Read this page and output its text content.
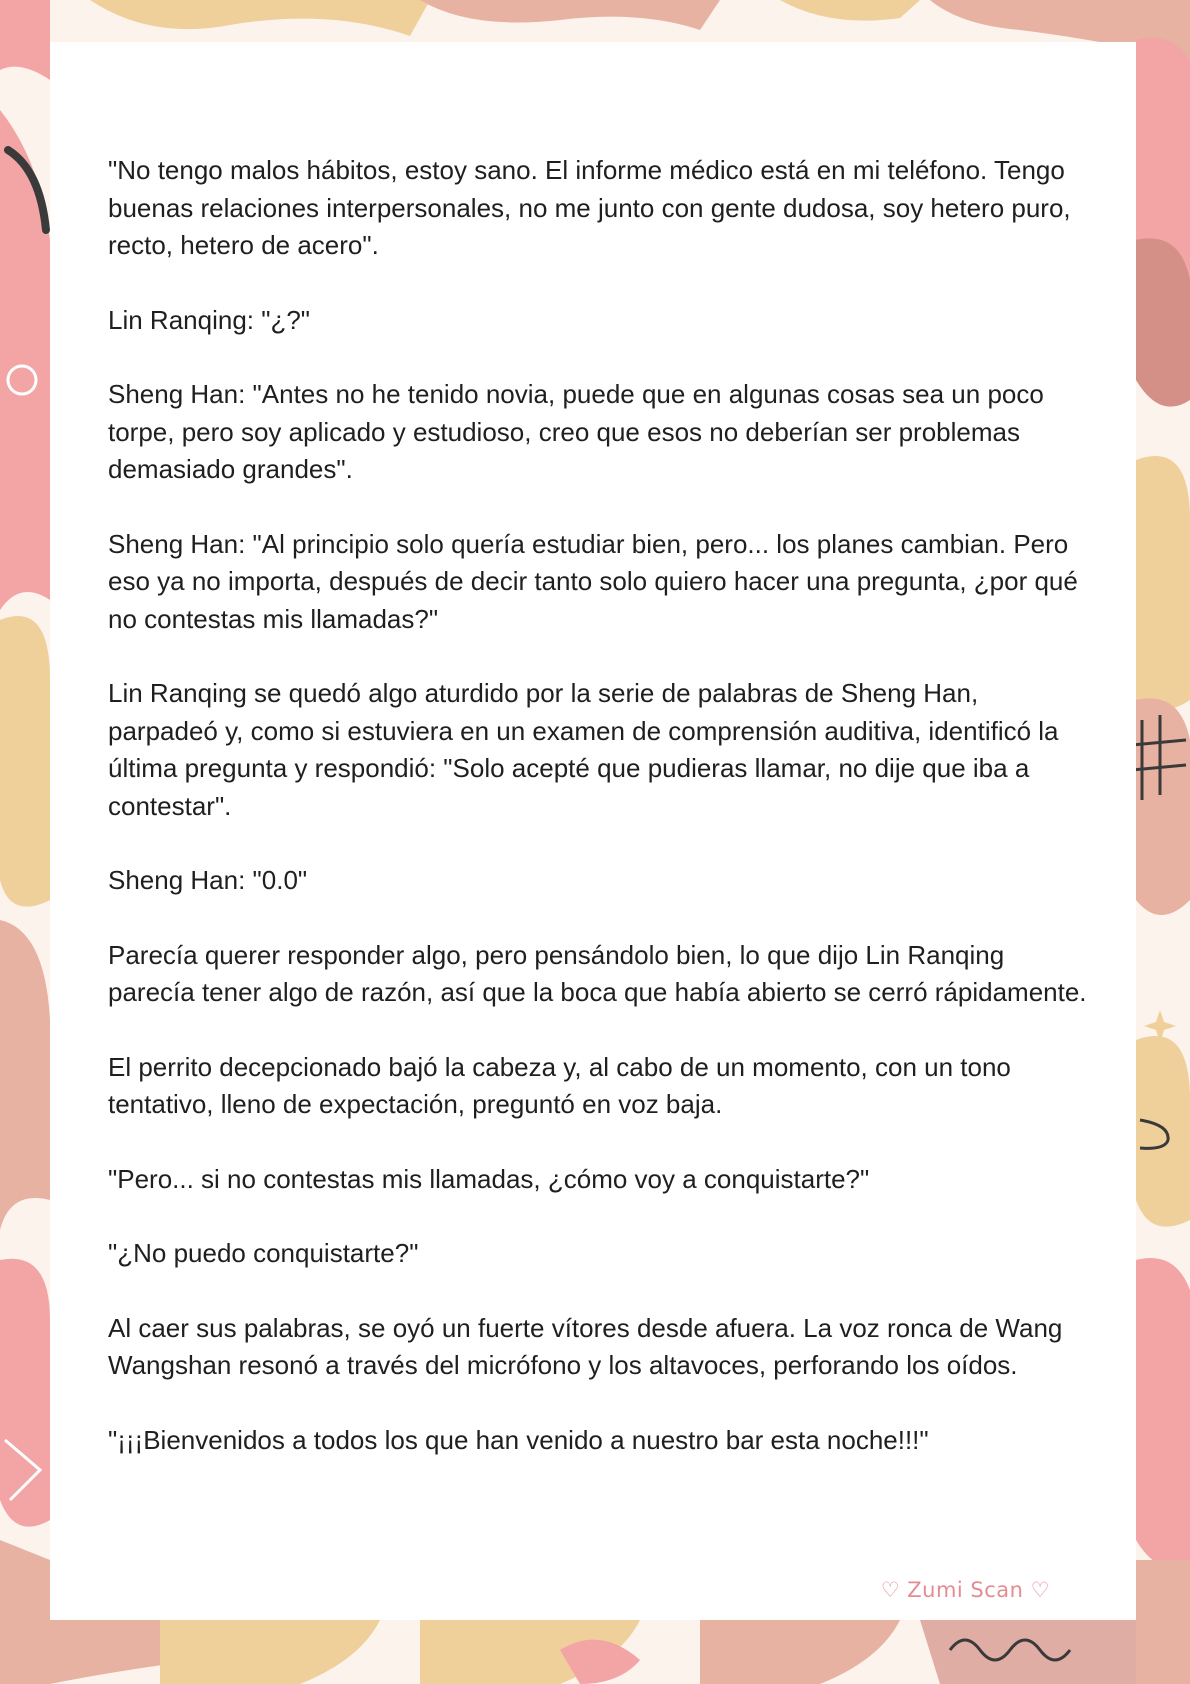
"No tengo malos hábitos, estoy sano. El informe médico está en mi teléfono. Tengo buenas relaciones interpersonales, no me junto con gente dudosa, soy hetero puro, recto, hetero de acero".

Lin Ranqing: "¿?"

Sheng Han: "Antes no he tenido novia, puede que en algunas cosas sea un poco torpe, pero soy aplicado y estudioso, creo que esos no deberían ser problemas demasiado grandes".

Sheng Han: "Al principio solo quería estudiar bien, pero... los planes cambian. Pero eso ya no importa, después de decir tanto solo quiero hacer una pregunta, ¿por qué no contestas mis llamadas?"

Lin Ranqing se quedó algo aturdido por la serie de palabras de Sheng Han, parpadeó y, como si estuviera en un examen de comprensión auditiva, identificó la última pregunta y respondió: "Solo acepté que pudieras llamar, no dije que iba a contestar".

Sheng Han: "0.0"

Parecía querer responder algo, pero pensándolo bien, lo que dijo Lin Ranqing parecía tener algo de razón, así que la boca que había abierto se cerró rápidamente.

El perrito decepcionado bajó la cabeza y, al cabo de un momento, con un tono tentativo, lleno de expectación, preguntó en voz baja.

"Pero... si no contestas mis llamadas, ¿cómo voy a conquistarte?"

"¿No puedo conquistarte?"

Al caer sus palabras, se oyó un fuerte vítores desde afuera. La voz ronca de Wang Wangshan resonó a través del micrófono y los altavoces, perforando los oídos.

"¡¡¡Bienvenidos a todos los que han venido a nuestro bar esta noche!!!"

♡ Zumi Scan ♡
